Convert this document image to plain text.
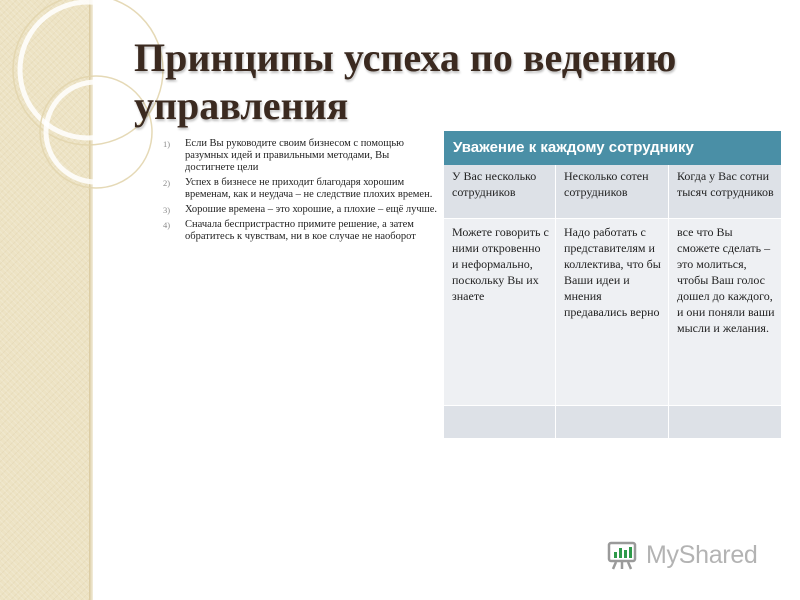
Принципы успеха по ведению управления
1) Если Вы руководите своим бизнесом с помощью разумных идей и правильными методами, Вы достигнете цели
2) Успех в бизнесе не приходит благодаря хорошим временам, как и неудача – не следствие плохих времен.
3) Хорошие времена – это хорошие, а плохие – ещё лучше.
4) Сначала беспристрастно примите решение, а затем обратитесь к чувствам, ни в кое случае не наоборот
Уважение к каждому сотруднику
У Вас несколько сотрудников
Несколько сотен сотрудников
Когда у Вас сотни тысяч сотрудников
Можете говорить с ними откровенно и неформально, поскольку Вы их знаете
Надо работать с представителям и коллектива, что бы Ваши идеи и мнения предавались верно
все что Вы сможете сделать – это молиться, чтобы Ваш голос дошел до каждого, и они поняли ваши мысли и желания.
MyShared
